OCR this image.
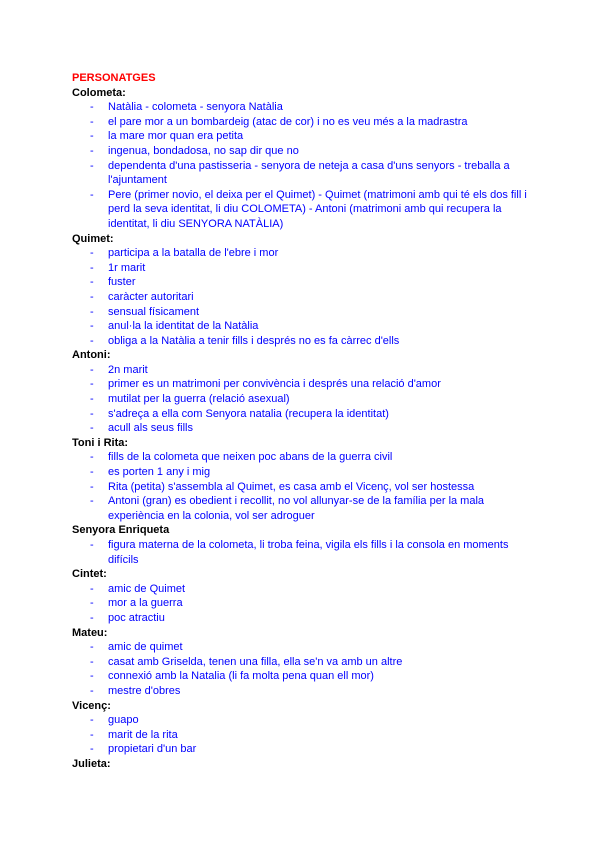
PERSONATGES
Colometa:
- Natàlia - colometa - senyora Natàlia
- el pare mor a un bombardeig (atac de cor) i no es veu més a la madrastra
- la mare mor quan era petita
- ingenua, bondadosa, no sap dir que no
- dependenta d'una pastisseria - senyora de neteja a casa d'uns senyors - treballa a l'ajuntament
- Pere (primer novio, el deixa per el Quimet) - Quimet (matrimoni amb qui té els dos fill i perd la seva identitat, li diu COLOMETA) - Antoni (matrimoni amb qui recupera la identitat, li diu SENYORA NATÀLIA)
Quimet:
- participa a la batalla de l'ebre i mor
- 1r marit
- fuster
- caràcter autoritari
- sensual físicament
- anul·la la identitat de la Natàlia
- obliga a la Natàlia a tenir fills i després no es fa càrrec d'ells
Antoni:
- 2n marit
- primer es un matrimoni per convivència i després una relació d'amor
- mutilat per la guerra (relació asexual)
- s'adreça a ella com Senyora natalia (recupera la identitat)
- acull als seus fills
Toni i Rita:
- fills de la colometa que neixen poc abans de la guerra civil
- es porten 1 any i mig
- Rita (petita) s'assembla al Quimet, es casa amb el Vicenç, vol ser hostessa
- Antoni (gran) es obedient i recollit, no vol allunyar-se de la família per la mala experiència en la colonia, vol ser adroguer
Senyora Enriqueta
- figura materna de la colometa, li troba feina, vigila els fills i la consola en moments difícils
Cintet:
- amic de Quimet
- mor a la guerra
- poc atractiu
Mateu:
- amic de quimet
- casat amb Griselda, tenen una filla, ella se'n va amb un altre
- connexió amb la Natalia (li fa molta pena quan ell mor)
- mestre d'obres
Vicenç:
- guapo
- marit de la rita
- propietari d'un bar
Julieta:
